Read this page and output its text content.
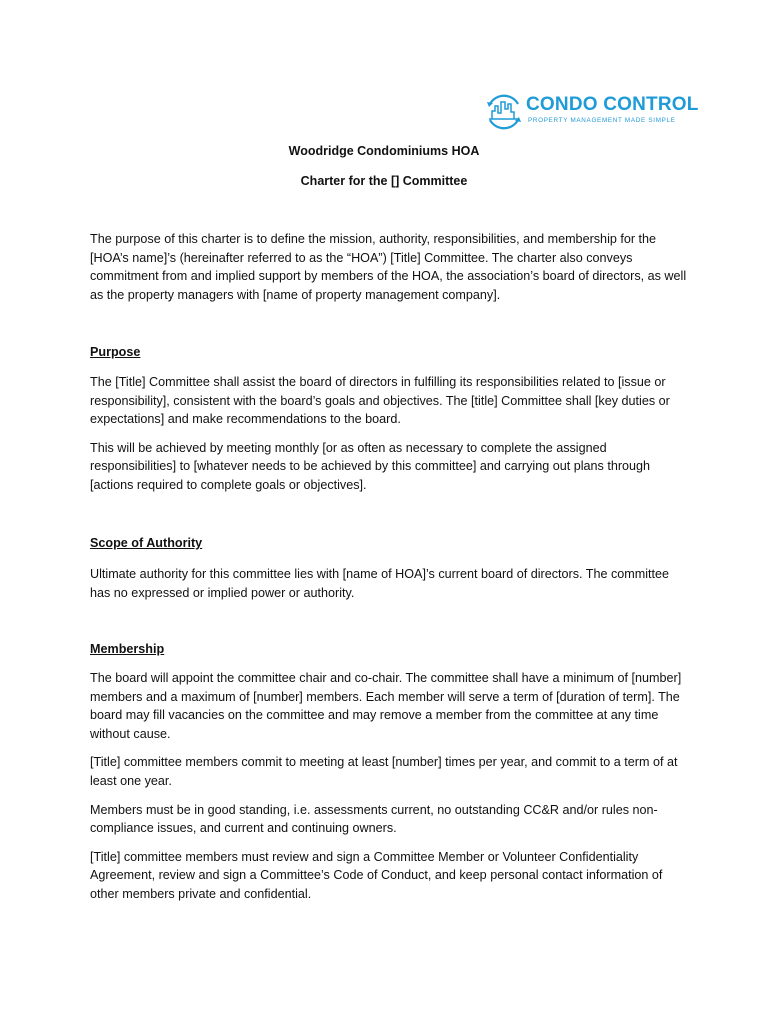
CONDO CONTROL
PROPERTY MANAGEMENT MADE SIMPLE
Woodridge Condominiums HOA
Charter for the [] Committee

The purpose of this charter is to define the mission, authority, responsibilities, and membership for the [HOA’s name]’s (hereinafter referred to as the “HOA”) [Title] Committee. The charter also conveys commitment from and implied support by members of the HOA, the association’s board of directors, as well as the property managers with [name of property management company].

Purpose

The [Title] Committee shall assist the board of directors in fulfilling its responsibilities related to [issue or responsibility], consistent with the board’s goals and objectives. The [title] Committee shall [key duties or expectations] and make recommendations to the board.

This will be achieved by meeting monthly [or as often as necessary to complete the assigned responsibilities] to [whatever needs to be achieved by this committee] and carrying out plans through [actions required to complete goals or objectives].

Scope of Authority

Ultimate authority for this committee lies with [name of HOA]’s current board of directors. The committee has no expressed or implied power or authority.

Membership

The board will appoint the committee chair and co-chair. The committee shall have a minimum of [number] members and a maximum of [number] members. Each member will serve a term of [duration of term]. The board may fill vacancies on the committee and may remove a member from the committee at any time without cause.

[Title] committee members commit to meeting at least [number] times per year, and commit to a term of at least one year.

Members must be in good standing, i.e. assessments current, no outstanding CC&R and/or rules non-compliance issues, and current and continuing owners.

[Title] committee members must review and sign a Committee Member or Volunteer Confidentiality Agreement, review and sign a Committee’s Code of Conduct, and keep personal contact information of other members private and confidential.
